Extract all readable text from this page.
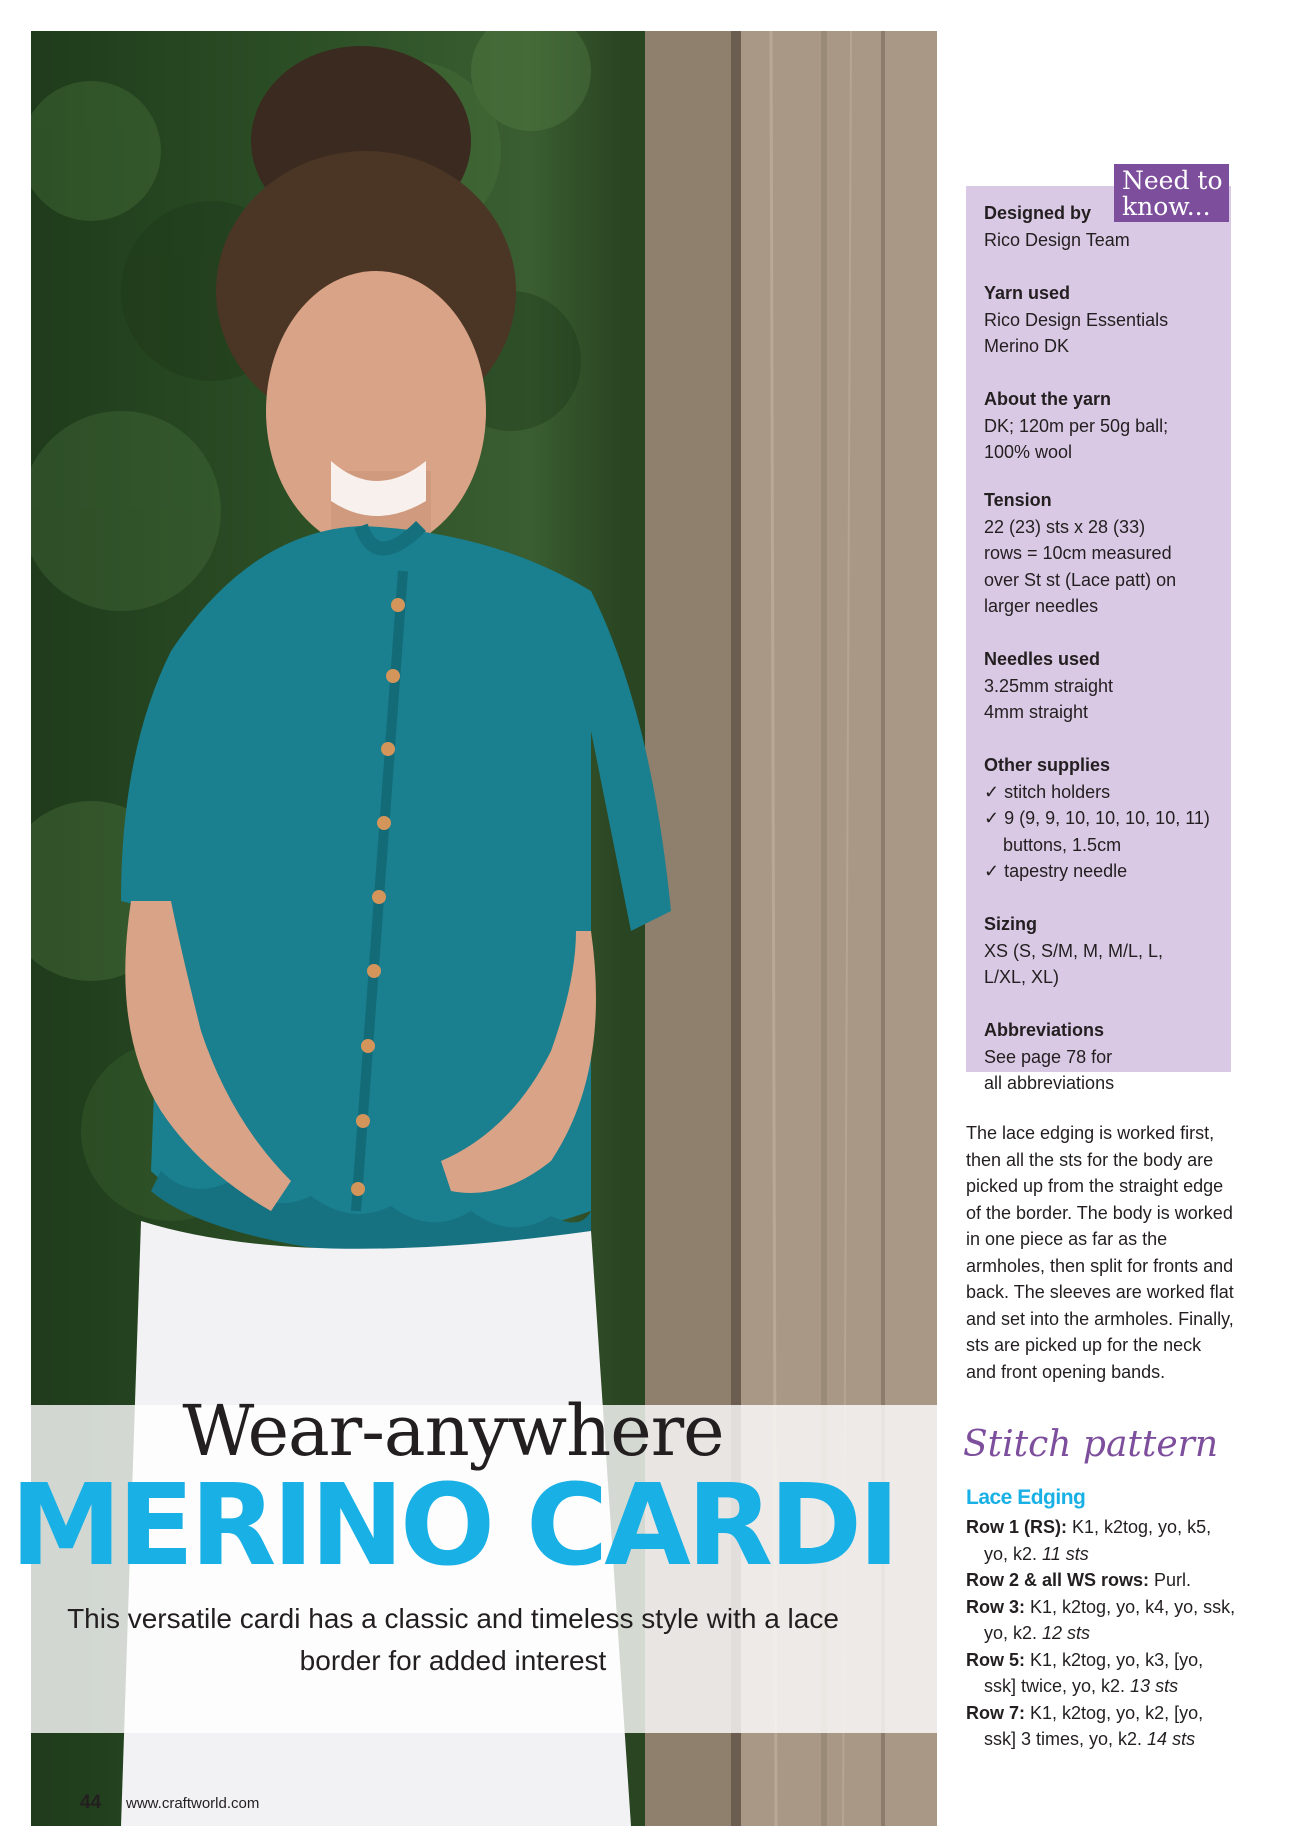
Wear-anywhere
MERINO CARDI
This versatile cardi has a classic and timeless style with a lace border for added interest
44 www.craftworld.com
Need to know...
Designed by
Rico Design Team
Yarn used
Rico Design Essentials
Merino DK
About the yarn
DK; 120m per 50g ball;
100% wool
Tension
22 (23) sts x 28 (33)
rows = 10cm measured
over St st (Lace patt) on
larger needles
Needles used
3.25mm straight
4mm straight
Other supplies
✓ stitch holders
✓ 9 (9, 9, 10, 10, 10, 10, 11) buttons, 1.5cm
✓ tapestry needle
Sizing
XS (S, S/M, M, M/L, L,
L/XL, XL)
Abbreviations
See page 78 for
all abbreviations
The lace edging is worked first, then all the sts for the body are picked up from the straight edge of the border. The body is worked in one piece as far as the armholes, then split for fronts and back. The sleeves are worked flat and set into the armholes. Finally, sts are picked up for the neck and front opening bands.
Stitch pattern
Lace Edging
Row 1 (RS): K1, k2tog, yo, k5, yo, k2. 11 sts
Row 2 & all WS rows: Purl.
Row 3: K1, k2tog, yo, k4, yo, ssk, yo, k2. 12 sts
Row 5: K1, k2tog, yo, k3, [yo, ssk] twice, yo, k2. 13 sts
Row 7: K1, k2tog, yo, k2, [yo, ssk] 3 times, yo, k2. 14 sts
